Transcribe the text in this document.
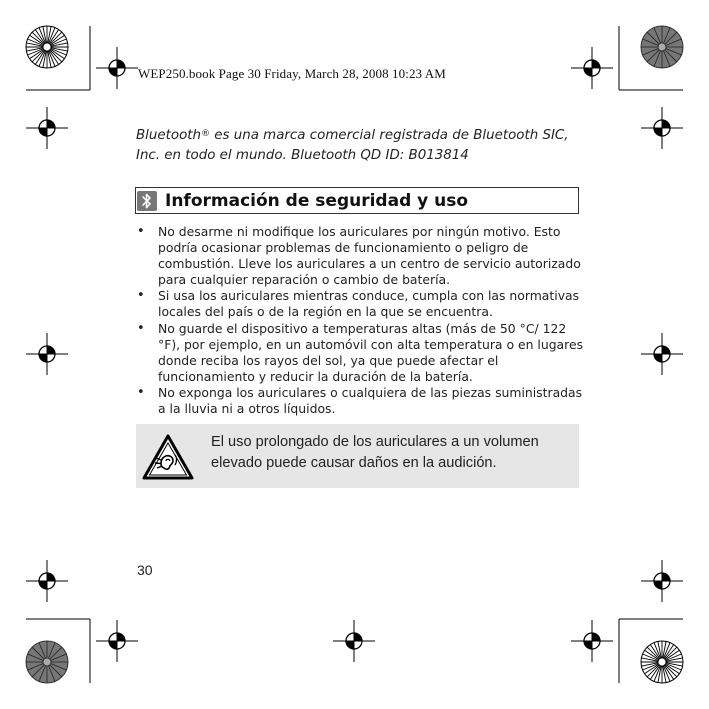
WEP250.book Page 30 Friday, March 28, 2008 10:23 AM
Bluetooth® es una marca comercial registrada de Bluetooth SIC, Inc. en todo el mundo. Bluetooth QD ID: B013814
Información de seguridad y uso
• No desarme ni modifique los auriculares por ningún motivo. Esto podría ocasionar problemas de funcionamiento o peligro de combustión. Lleve los auriculares a un centro de servicio autorizado para cualquier reparación o cambio de batería.
• Si usa los auriculares mientras conduce, cumpla con las normativas locales del país o de la región en la que se encuentra.
• No guarde el dispositivo a temperaturas altas (más de 50 °C/ 122 °F), por ejemplo, en un automóvil con alta temperatura o en lugares donde reciba los rayos del sol, ya que puede afectar el funcionamiento y reducir la duración de la batería.
• No exponga los auriculares o cualquiera de las piezas suministradas a la lluvia ni a otros líquidos.
El uso prolongado de los auriculares a un volumen elevado puede causar daños en la audición.
30
